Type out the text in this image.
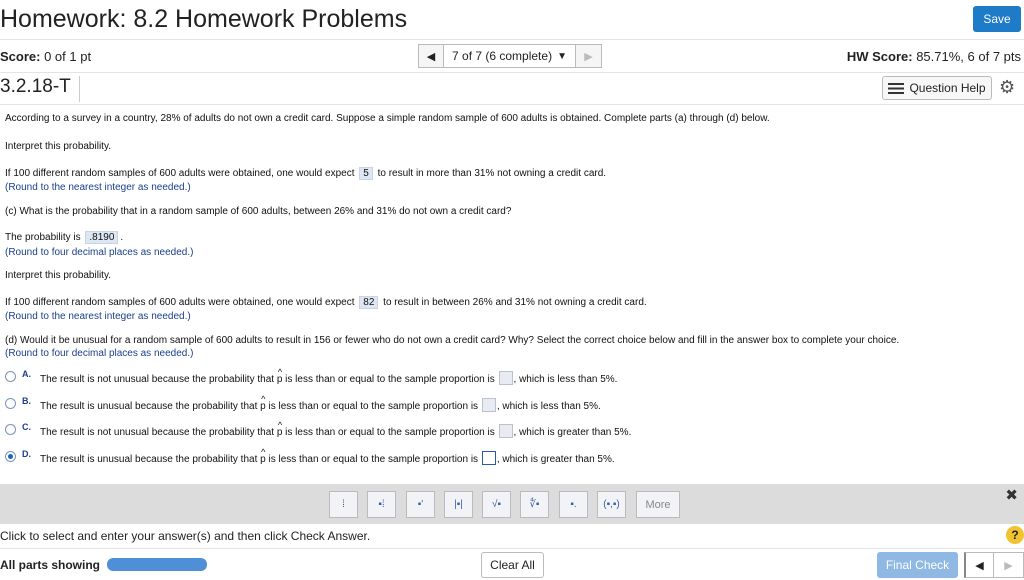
Homework: 8.2 Homework Problems	Save
Score: 0 of 1 pt	◀ 7 of 7 (6 complete) ▼ ▶	HW Score: 85.71%, 6 of 7 pts
3.2.18-T	Question Help ⚙
According to a survey in a country, 28% of adults do not own a credit card. Suppose a simple random sample of 600 adults is obtained. Complete parts (a) through (d) below.
Interpret this probability.
If 100 different random samples of 600 adults were obtained, one would expect 5 to result in more than 31% not owning a credit card.
(Round to the nearest integer as needed.)
(c) What is the probability that in a random sample of 600 adults, between 26% and 31% do not own a credit card?
The probability is .8190 .
(Round to four decimal places as needed.)
Interpret this probability.
If 100 different random samples of 600 adults were obtained, one would expect 82 to result in between 26% and 31% not owning a credit card.
(Round to the nearest integer as needed.)
(d) Would it be unusual for a random sample of 600 adults to result in 156 or fewer who do not own a credit card? Why? Select the correct choice below and fill in the answer box to complete your choice.
(Round to four decimal places as needed.)
A. The result is not unusual because the probability that ^ p is less than or equal to the sample proportion is , which is less than 5%.
B. The result is unusual because the probability that ^ p is less than or equal to the sample proportion is , which is less than 5%.
C. The result is not unusual because the probability that ^ p is less than or equal to the sample proportion is , which is greater than 5%.
D. The result is unusual because the probability that ^ p is less than or equal to the sample proportion is , which is greater than 5%.
⁞	▪⁞	▪'	|▪|	√▪	∜▪	▪.	(▪,▪)	More
✖
Click to select and enter your answer(s) and then click Check Answer.	?
All parts showing	Clear All	Final Check	◀ ▶
